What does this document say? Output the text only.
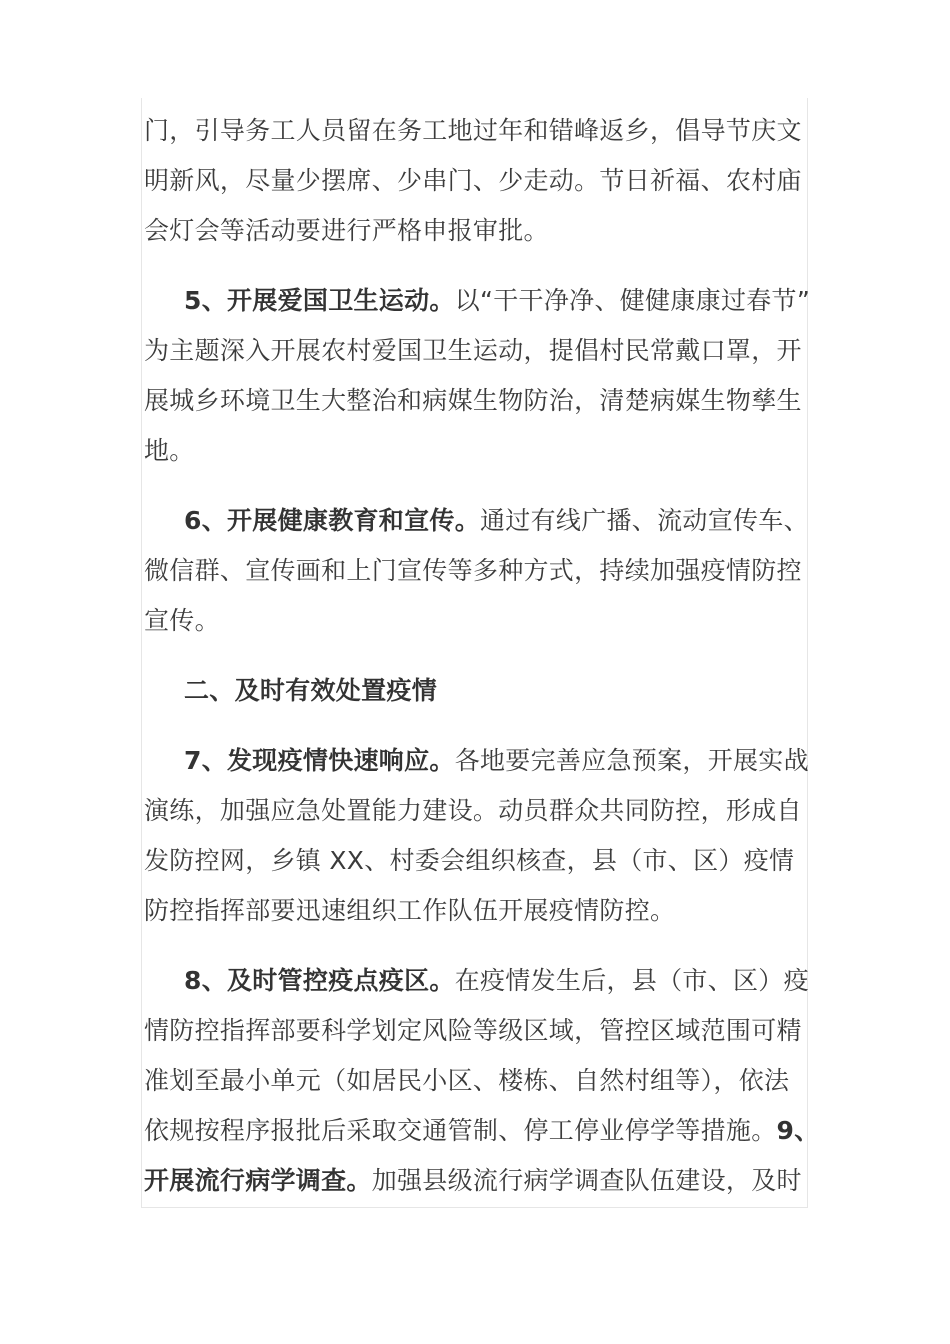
门，引导务工人员留在务工地过年和错峰返乡，倡导节庆文

明新风，尽量少摆席、少串门、少走动。节日祈福、农村庙

会灯会等活动要进行严格申报审批。

5、开展爱国卫生运动。以“干干净净、健健康康过春节”

为主题深入开展农村爱国卫生运动，提倡村民常戴口罩，开

展城乡环境卫生大整治和病媒生物防治，清楚病媒生物孳生

地。

6、开展健康教育和宣传。通过有线广播、流动宣传车、

微信群、宣传画和上门宣传等多种方式，持续加强疫情防控

宣传。

二、及时有效处置疫情

7、发现疫情快速响应。各地要完善应急预案，开展实战

演练，加强应急处置能力建设。动员群众共同防控，形成自

发防控网，乡镇 XX、村委会组织核查，县（市、区）疫情

防控指挥部要迅速组织工作队伍开展疫情防控。

8、及时管控疫点疫区。在疫情发生后，县（市、区）疫

情防控指挥部要科学划定风险等级区域，管控区域范围可精

准划至最小单元（如居民小区、楼栋、自然村组等），依法

依规按程序报批后采取交通管制、停工停业停学等措施。9、

开展流行病学调查。加强县级流行病学调查队伍建设，及时
